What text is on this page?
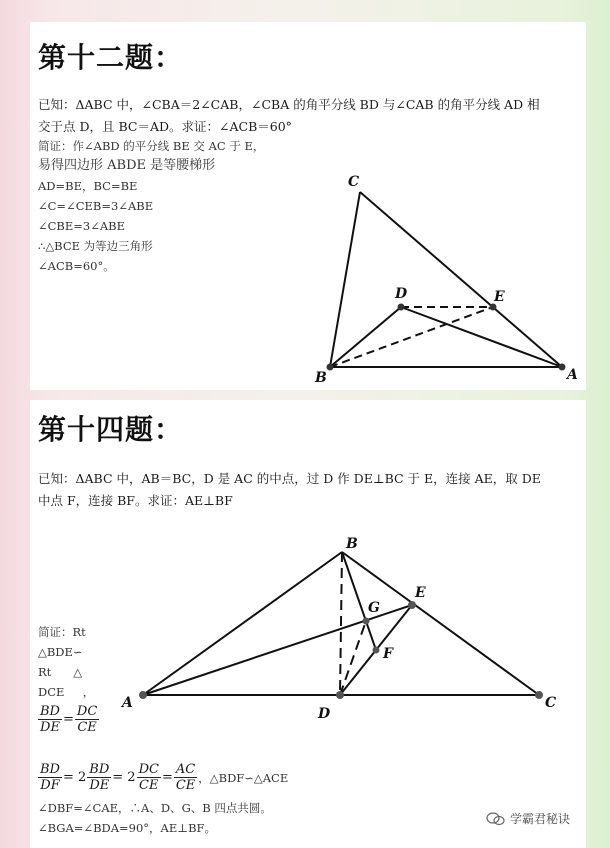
第十二题：
已知：ΔABC 中，∠CBA＝2∠CAB，∠CBA 的角平分线 BD 与∠CAB 的角平分线 AD 相
交于点 D，且 BC＝AD。求证：∠ACB＝60°
简证：作∠ABD 的平分线 BE 交 AC 于 E，
易得四边形 ABDE 是等腰梯形
AD=BE，BC=BE
∠C=∠CEB=3∠ABE
∠CBE=3∠ABE
∴△BCE 为等边三角形
∠ACB=60°。
C
D	E
B	A
第十四题：
已知：ΔABC 中，AB＝BC，D 是 AC 的中点，过 D 作 DE⊥BC 于 E，连接 AE，取 DE
中点 F，连接 BF。求证：AE⊥BF
简证：Rt
△BDE∽
Rt      △
DCE     ，
$\frac{BD}{DE} = \frac{DC}{CE}$
$\frac{BD}{DF} = 2 \frac{BD}{DE} = 2 \frac{DC}{CE} = \frac{AC}{CE}$ ，△BDF∽△ACE
∠DBF=∠CAE，∴A、D、G、B 四点共圆。
∠BGA=∠BDA=90°，AE⊥BF。
B
E
G
F
A
D
C
学霸君秘诀
